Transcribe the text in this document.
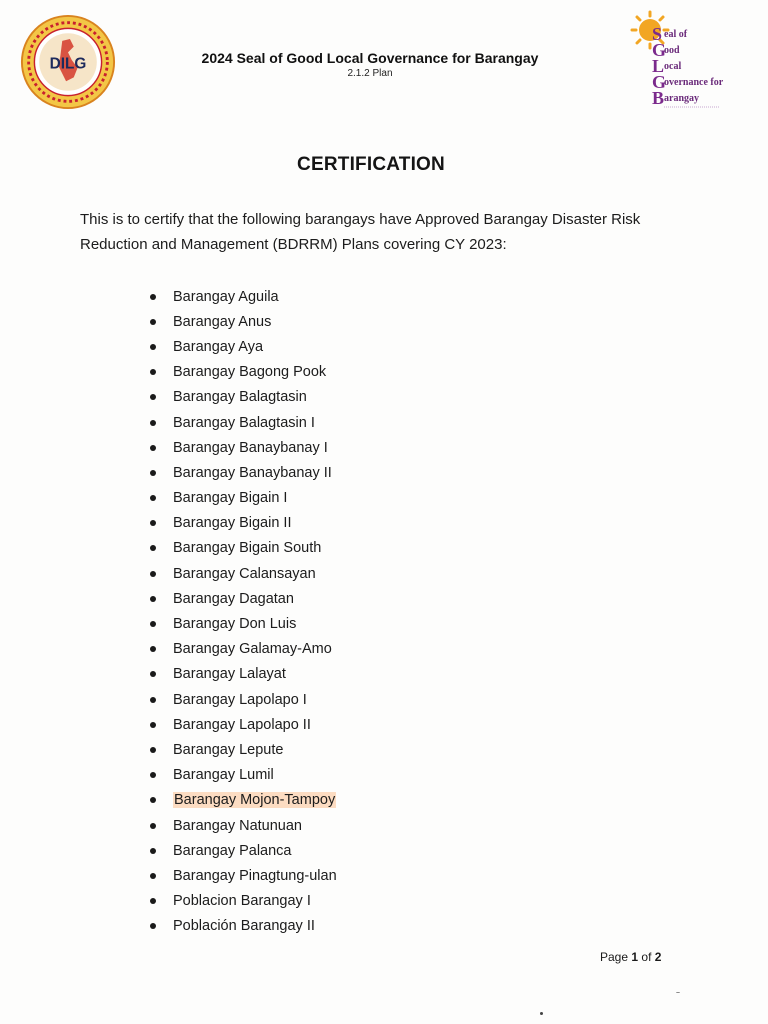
DILG	2024 Seal of Good Local Governance for Barangay
2.1.2 Plan
S
G
L
G
B
eal of
ood
ocal
overnance for
arangay
CERTIFICATION
This is to certify that the following barangays have Approved Barangay Disaster Risk Reduction and Management (BDRRM) Plans covering CY 2023:
Barangay Aguila
Barangay Anus
Barangay Aya
Barangay Bagong Pook
Barangay Balagtasin
Barangay Balagtasin I
Barangay Banaybanay I
Barangay Banaybanay II
Barangay Bigain I
Barangay Bigain II
Barangay Bigain South
Barangay Calansayan
Barangay Dagatan
Barangay Don Luis
Barangay Galamay-Amo
Barangay Lalayat
Barangay Lapolapo I
Barangay Lapolapo II
Barangay Lepute
Barangay Lumil
Barangay Mojon-Tampoy
Barangay Natunuan
Barangay Palanca
Barangay Pinagtung-ulan
Poblacion Barangay I
Población Barangay II
Page 1 of 2
